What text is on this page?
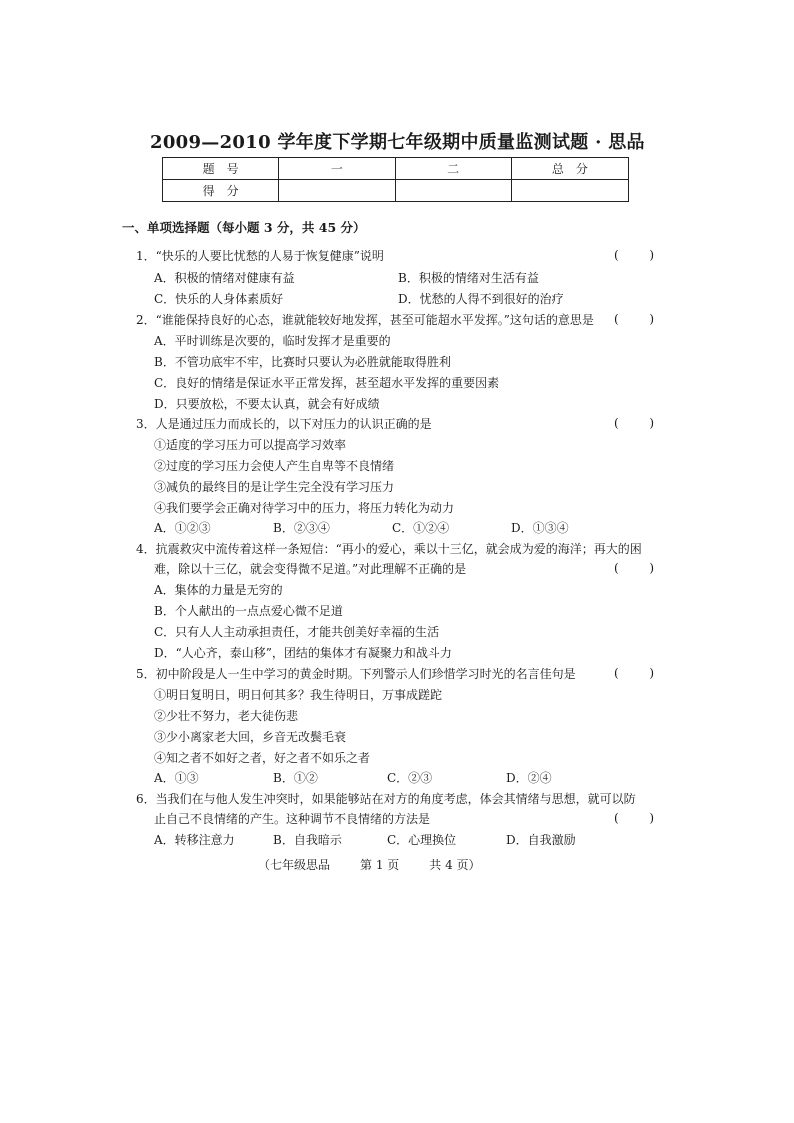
2009—2010 学年度下学期七年级期中质量监测试题 · 思品
题　号	一	二	总　分
得　分			
一、单项选择题（每小题 3 分，共 45 分）
1．“快乐的人要比忧愁的人易于恢复健康”说明	(	)
A．积极的情绪对健康有益	B．积极的情绪对生活有益
C．快乐的人身体素质好	D．忧愁的人得不到很好的治疗
2．“谁能保持良好的心态，谁就能较好地发挥，甚至可能超水平发挥。”这句话的意思是 (	)
A．平时训练是次要的，临时发挥才是重要的
B．不管功底牢不牢，比赛时只要认为必胜就能取得胜利
C．良好的情绪是保证水平正常发挥，甚至超水平发挥的重要因素
D．只要放松，不要太认真，就会有好成绩
3．人是通过压力而成长的，以下对压力的认识正确的是	(	)
①适度的学习压力可以提高学习效率
②过度的学习压力会使人产生自卑等不良情绪
③减负的最终目的是让学生完全没有学习压力
④我们要学会正确对待学习中的压力，将压力转化为动力
A．①②③	B．②③④	C．①②④	D．①③④
4．抗震救灾中流传着这样一条短信：“再小的爱心，乘以十三亿，就会成为爱的海洋；再大的困
难，除以十三亿，就会变得微不足道。”对此理解不正确的是	(	)
A．集体的力量是无穷的
B．个人献出的一点点爱心微不足道
C．只有人人主动承担责任，才能共创美好幸福的生活
D．“人心齐，泰山移”，团结的集体才有凝聚力和战斗力
5．初中阶段是人一生中学习的黄金时期。下列警示人们珍惜学习时光的名言佳句是	(	)
①明日复明日，明日何其多？我生待明日，万事成蹉跎
②少壮不努力，老大徒伤悲
③少小离家老大回，乡音无改鬓毛衰
④知之者不如好之者，好之者不如乐之者
A．①③	B．①②	C．②③	D．②④
6．当我们在与他人发生冲突时，如果能够站在对方的角度考虑，体会其情绪与思想，就可以防
止自己不良情绪的产生。这种调节不良情绪的方法是	(	)
A．转移注意力	B．自我暗示	C．心理换位	D．自我激励
（七年级思品	第 1 页	共 4 页）
